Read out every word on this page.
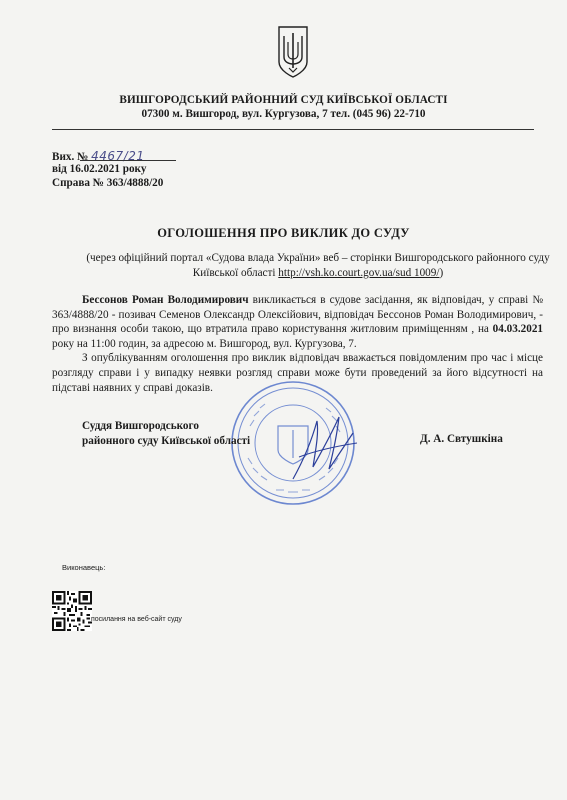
ВИШГОРОДСЬКИЙ РАЙОННИЙ СУД КИЇВСЬКОЇ ОБЛАСТІ
07300 м. Вишгород, вул. Кургузова, 7 тел. (045 96) 22-710
Вих. № 4467/21
від 16.02.2021 року
Справа № 363/4888/20
ОГОЛОШЕННЯ ПРО ВИКЛИК ДО СУДУ
(через офіційний портал «Судова влада України» веб – сторінки Вишгородського районного суду Київської області http://vsh.ko.court.gov.ua/sud 1009/)

Бессонов Роман Володимирович викликається в судове засідання, як відповідач, у справі № 363/4888/20 - позивач Семенов Олександр Олексійович, відповідач Бессонов Роман Володимирович, - про визнання особи такою, що втратила право користування житловим приміщенням , на 04.03.2021 року на 11:00 годин, за адресою м. Вишгород, вул. Кургузова, 7.

З опублікуванням оголошення про виклик відповідач вважається повідомленим про час і місце розгляду справи і у випадку неявки розгляд справи може бути проведений за його відсутності на підставі наявних у справі доказів.

Суддя Вишгородського
районного суду Київської області	Д. А. Свтушкіна
Виконавець:
посилання на веб-сайт суду
